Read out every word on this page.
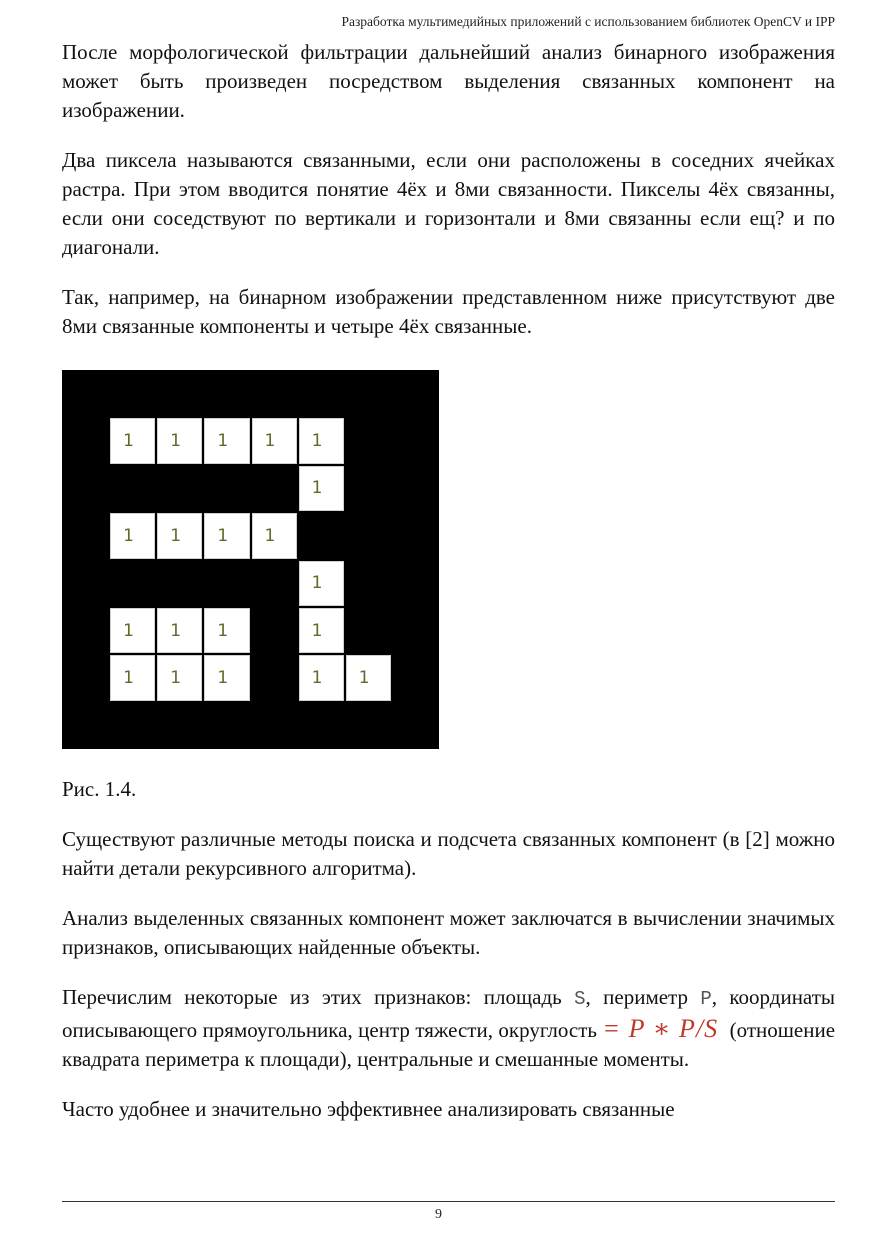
Разработка мультимедийных приложений с использованием библиотек OpenCV и IPP

После морфологической фильтрации дальнейший анализ бинарного изображения может быть произведен посредством выделения связанных компонент на изображении.

Два пиксела называются связанными, если они расположены в соседних ячейках растра. При этом вводится понятие 4ёх и 8ми связанности. Пикселы 4ёх связанны, если они соседствуют по вертикали и горизонтали и 8ми связанны если ещ? и по диагонали.

Так, например, на бинарном изображении представленном ниже присутствуют две 8ми связанные компоненты и четыре 4ёх связанные.

1 1 1 1 1
1
1 1 1 1
1
1 1 1	1
1 1 1	1 1

Рис. 1.4.

Существуют различные методы поиска и подсчета связанных компонент (в [2] можно найти детали рекурсивного алгоритма).

Анализ выделенных связанных компонент может заключатся в вычислении значимых признаков, описывающих найденные объекты.

Перечислим некоторые из этих признаков: площадь S, периметр P, координаты описывающего прямоугольника, центр тяжести, округлость = P ∗ P/S (отношение квадрата периметра к площади), центральные и смешанные моменты.

Часто удобнее и значительно эффективнее анализировать связанные

9
